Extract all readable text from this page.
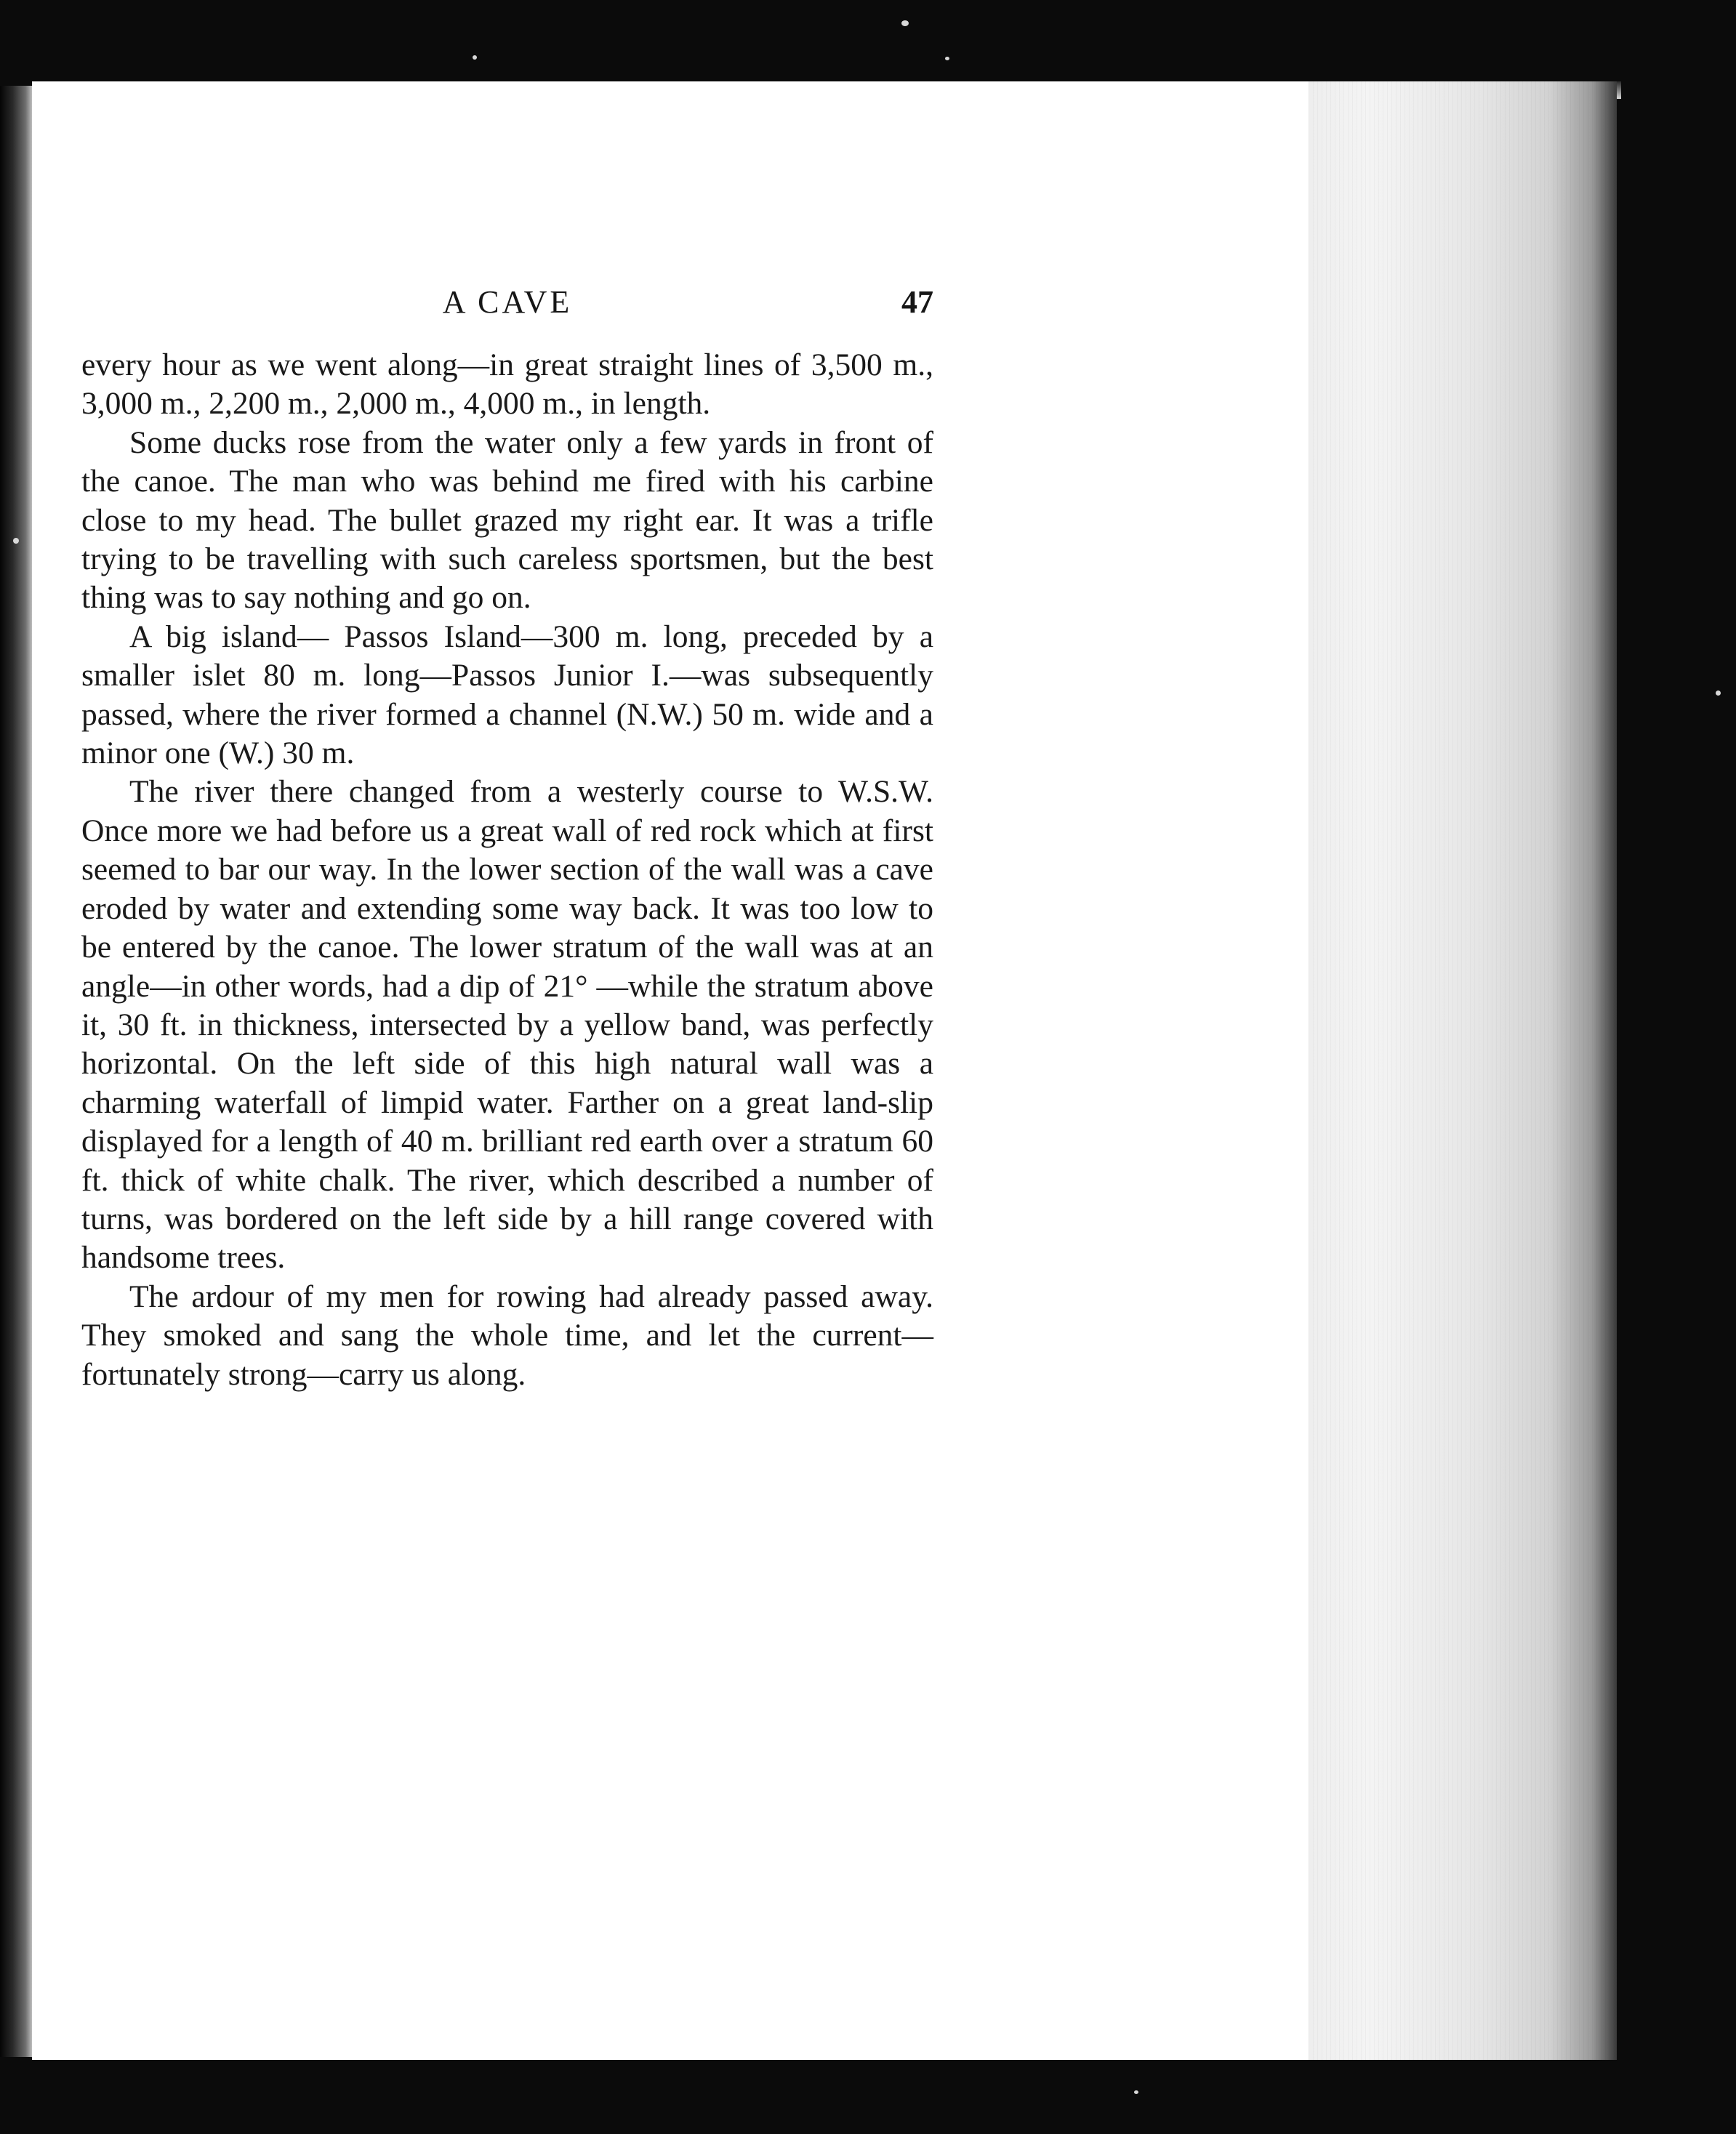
A CAVE	47

every hour as we went along—in great straight lines of 3,500 m., 3,000 m., 2,200 m., 2,000 m., 4,000 m., in length.

Some ducks rose from the water only a few yards in front of the canoe. The man who was behind me fired with his carbine close to my head. The bullet grazed my right ear. It was a trifle trying to be travelling with such careless sportsmen, but the best thing was to say nothing and go on.

A big island— Passos Island—300 m. long, preceded by a smaller islet 80 m. long—Passos Junior I.—was subsequently passed, where the river formed a channel (N.W.) 50 m. wide and a minor one (W.) 30 m.

The river there changed from a westerly course to W.S.W. Once more we had before us a great wall of red rock which at first seemed to bar our way. In the lower section of the wall was a cave eroded by water and extending some way back. It was too low to be entered by the canoe. The lower stratum of the wall was at an angle—in other words, had a dip of 21° —while the stratum above it, 30 ft. in thickness, intersected by a yellow band, was perfectly horizontal. On the left side of this high natural wall was a charming waterfall of limpid water. Farther on a great land-slip displayed for a length of 40 m. brilliant red earth over a stratum 60 ft. thick of white chalk. The river, which described a number of turns, was bordered on the left side by a hill range covered with handsome trees.

The ardour of my men for rowing had already passed away. They smoked and sang the whole time, and let the current—fortunately strong—carry us along.
